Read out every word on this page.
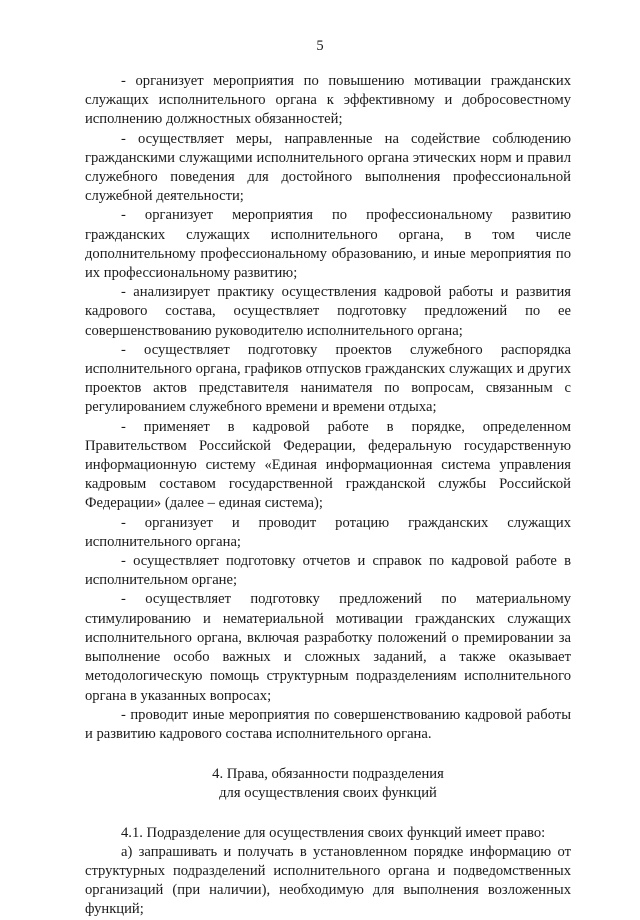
5

- организует мероприятия по повышению мотивации гражданских служащих исполнительного органа к эффективному и добросовестному исполнению должностных обязанностей;

- осуществляет меры, направленные на содействие соблюдению гражданскими служащими исполнительного органа этических норм и правил служебного поведения для достойного выполнения профессиональной служебной деятельности;

- организует мероприятия по профессиональному развитию гражданских служащих исполнительного органа, в том числе дополнительному профессиональному образованию, и иные мероприятия по их профессиональному развитию;

- анализирует практику осуществления кадровой работы и развития кадрового состава, осуществляет подготовку предложений по ее совершенствованию руководителю исполнительного органа;

- осуществляет подготовку проектов служебного распорядка исполнительного органа, графиков отпусков гражданских служащих и других проектов актов представителя нанимателя по вопросам, связанным с регулированием служебного времени и времени отдыха;

- применяет в кадровой работе в порядке, определенном Правительством Российской Федерации, федеральную государственную информационную систему «Единая информационная система управления кадровым составом государственной гражданской службы Российской Федерации» (далее – единая система);

- организует и проводит ротацию гражданских служащих исполнительного органа;

- осуществляет подготовку отчетов и справок по кадровой работе в исполнительном органе;

- осуществляет подготовку предложений по материальному стимулированию и нематериальной мотивации гражданских служащих исполнительного органа, включая разработку положений о премировании за выполнение особо важных и сложных заданий, а также оказывает методологическую помощь структурным подразделениям исполнительного органа в указанных вопросах;

- проводит иные мероприятия по совершенствованию кадровой работы и развитию кадрового состава исполнительного органа.

4. Права, обязанности подразделения
для осуществления своих функций

4.1. Подразделение для осуществления своих функций имеет право:

а) запрашивать и получать в установленном порядке информацию от структурных подразделений исполнительного органа и подведомственных организаций (при наличии), необходимую для выполнения возложенных функций;
